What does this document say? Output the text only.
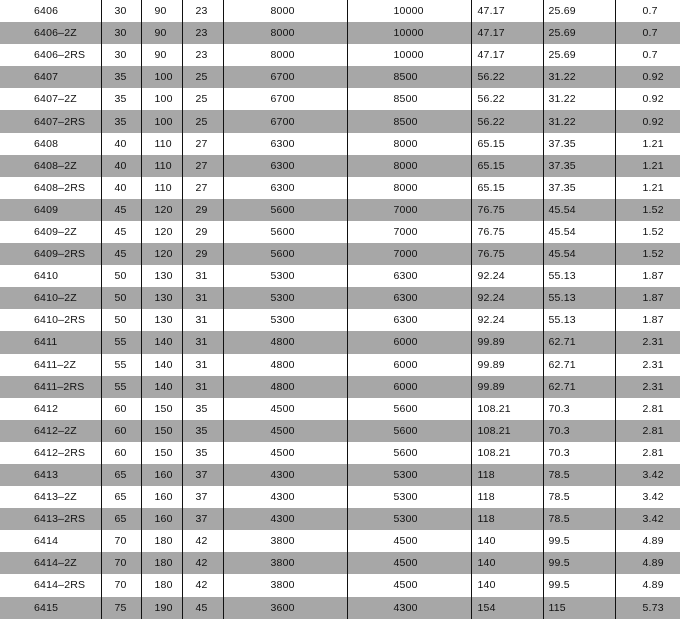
6406	30	90	23	8000	10000	47.17	25.69	0.7
6406–2Z	30	90	23	8000	10000	47.17	25.69	0.7
6406–2RS	30	90	23	8000	10000	47.17	25.69	0.7
6407	35	100	25	6700	8500	56.22	31.22	0.92
6407–2Z	35	100	25	6700	8500	56.22	31.22	0.92
6407–2RS	35	100	25	6700	8500	56.22	31.22	0.92
6408	40	110	27	6300	8000	65.15	37.35	1.21
6408–2Z	40	110	27	6300	8000	65.15	37.35	1.21
6408–2RS	40	110	27	6300	8000	65.15	37.35	1.21
6409	45	120	29	5600	7000	76.75	45.54	1.52
6409–2Z	45	120	29	5600	7000	76.75	45.54	1.52
6409–2RS	45	120	29	5600	7000	76.75	45.54	1.52
6410	50	130	31	5300	6300	92.24	55.13	1.87
6410–2Z	50	130	31	5300	6300	92.24	55.13	1.87
6410–2RS	50	130	31	5300	6300	92.24	55.13	1.87
6411	55	140	31	4800	6000	99.89	62.71	2.31
6411–2Z	55	140	31	4800	6000	99.89	62.71	2.31
6411–2RS	55	140	31	4800	6000	99.89	62.71	2.31
6412	60	150	35	4500	5600	108.21	70.3	2.81
6412–2Z	60	150	35	4500	5600	108.21	70.3	2.81
6412–2RS	60	150	35	4500	5600	108.21	70.3	2.81
6413	65	160	37	4300	5300	118	78.5	3.42
6413–2Z	65	160	37	4300	5300	118	78.5	3.42
6413–2RS	65	160	37	4300	5300	118	78.5	3.42
6414	70	180	42	3800	4500	140	99.5	4.89
6414–2Z	70	180	42	3800	4500	140	99.5	4.89
6414–2RS	70	180	42	3800	4500	140	99.5	4.89
6415	75	190	45	3600	4300	154	115	5.73
